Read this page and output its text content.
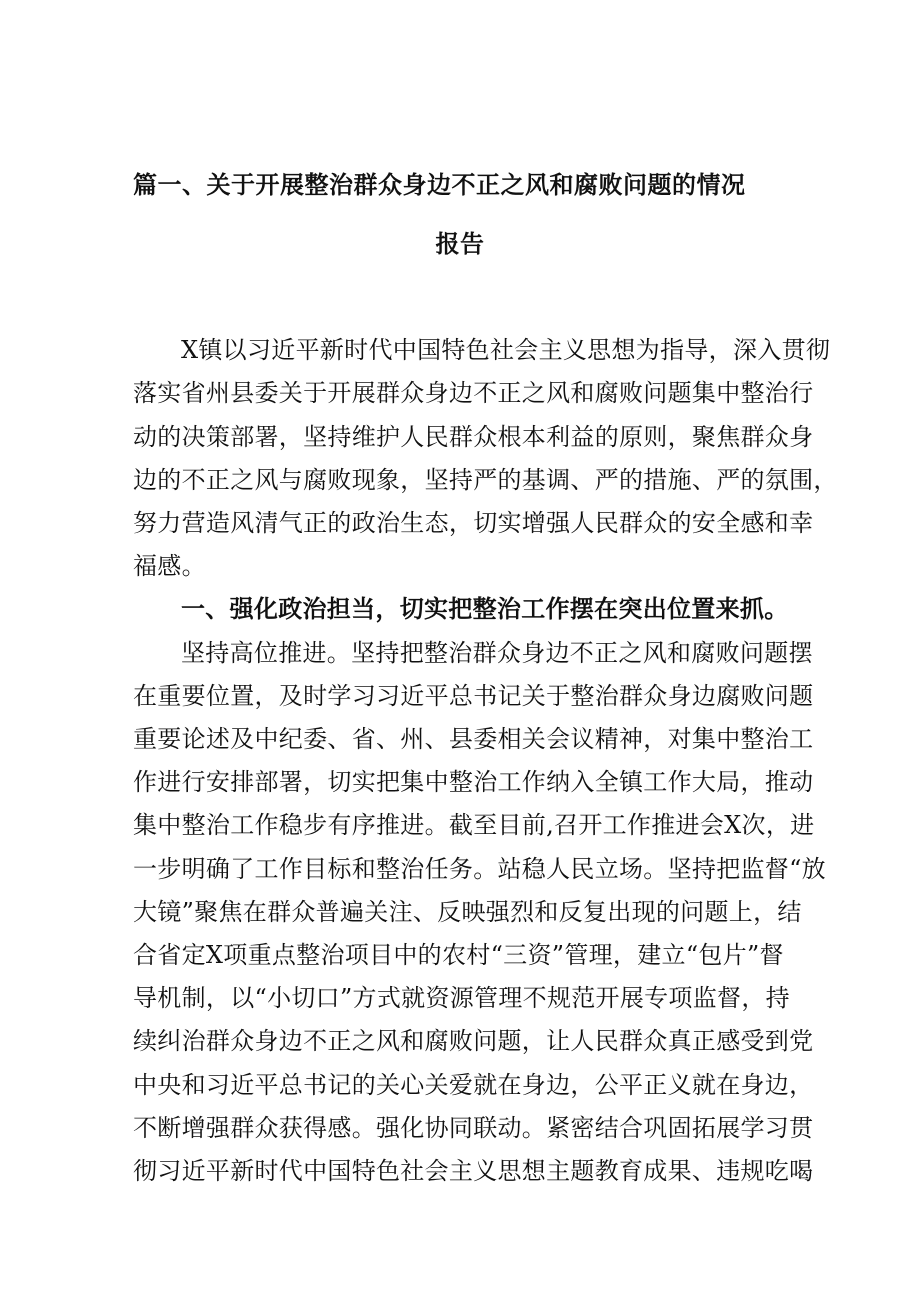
篇一、关于开展整治群众身边不正之风和腐败问题的情况
报告

X镇以习近平新时代中国特色社会主义思想为指导，深入贯彻

落实省州县委关于开展群众身边不正之风和腐败问题集中整治行

动的决策部署，坚持维护人民群众根本利益的原则，聚焦群众身

边的不正之风与腐败现象，坚持严的基调、严的措施、严的氛围，

努力营造风清气正的政治生态，切实增强人民群众的安全感和幸

福感。

一、强化政治担当，切实把整治工作摆在突出位置来抓。

坚持高位推进。坚持把整治群众身边不正之风和腐败问题摆

在重要位置，及时学习习近平总书记关于整治群众身边腐败问题

重要论述及中纪委、省、州、县委相关会议精神，对集中整治工

作进行安排部署，切实把集中整治工作纳入全镇工作大局，推动

集中整治工作稳步有序推进。截至目前,召开工作推进会X次，进

一步明确了工作目标和整治任务。站稳人民立场。坚持把监督“放

大镜”聚焦在群众普遍关注、反映强烈和反复出现的问题上，结

合省定X项重点整治项目中的农村“三资”管理，建立“包片”督

导机制，以“小切口”方式就资源管理不规范开展专项监督，持

续纠治群众身边不正之风和腐败问题，让人民群众真正感受到党

中央和习近平总书记的关心关爱就在身边，公平正义就在身边，

不断增强群众获得感。强化协同联动。紧密结合巩固拓展学习贯

彻习近平新时代中国特色社会主义思想主题教育成果、违规吃喝
